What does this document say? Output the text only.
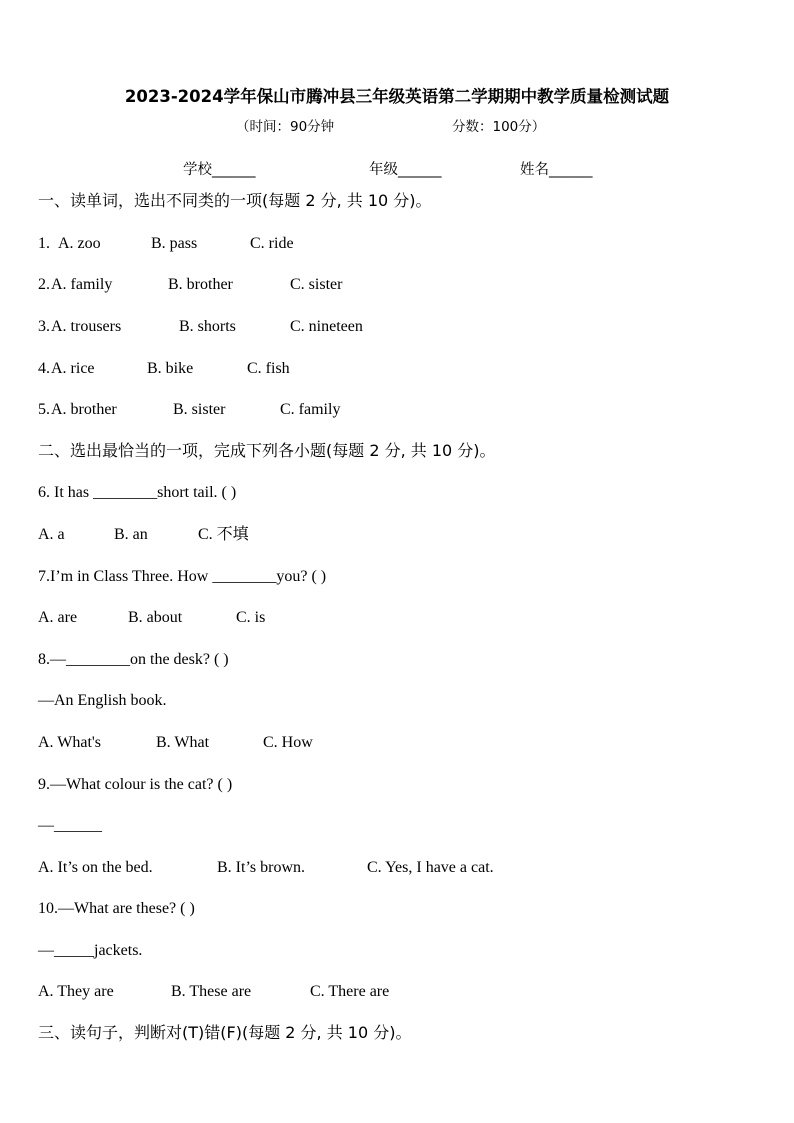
2023-2024学年保山市腾冲县三年级英语第二学期期中教学质量检测试题
（时间：90分钟	分数：100分）
学校______	年级______	姓名______
一、读单词，选出不同类的一项(每题 2 分, 共 10 分)。
1. A. zoo	B. pass	C. ride
2. A. family	B. brother	C. sister
3. A. trousers	B. shorts	C. nineteen
4. A. rice	B. bike	C. fish
5. A. brother	B. sister	C. family
二、选出最恰当的一项，完成下列各小题(每题 2 分, 共 10 分)。
6. It has ________short tail. ( )
A. a	B. an	C. 不填
7.I’m in Class Three. How ________you? ( )
A. are	B. about	C. is
8.—________on the desk? ( )
—An English book.
A. What's	B. What	C. How
9.—What colour is the cat? ( )
—______
A. It’s on the bed.	B. It’s brown.	C. Yes, I have a cat.
10.—What are these? ( )
—_____jackets.
A. They are	B. These are	C. There are
三、读句子，判断对(T)错(F)(每题 2 分, 共 10 分)。
